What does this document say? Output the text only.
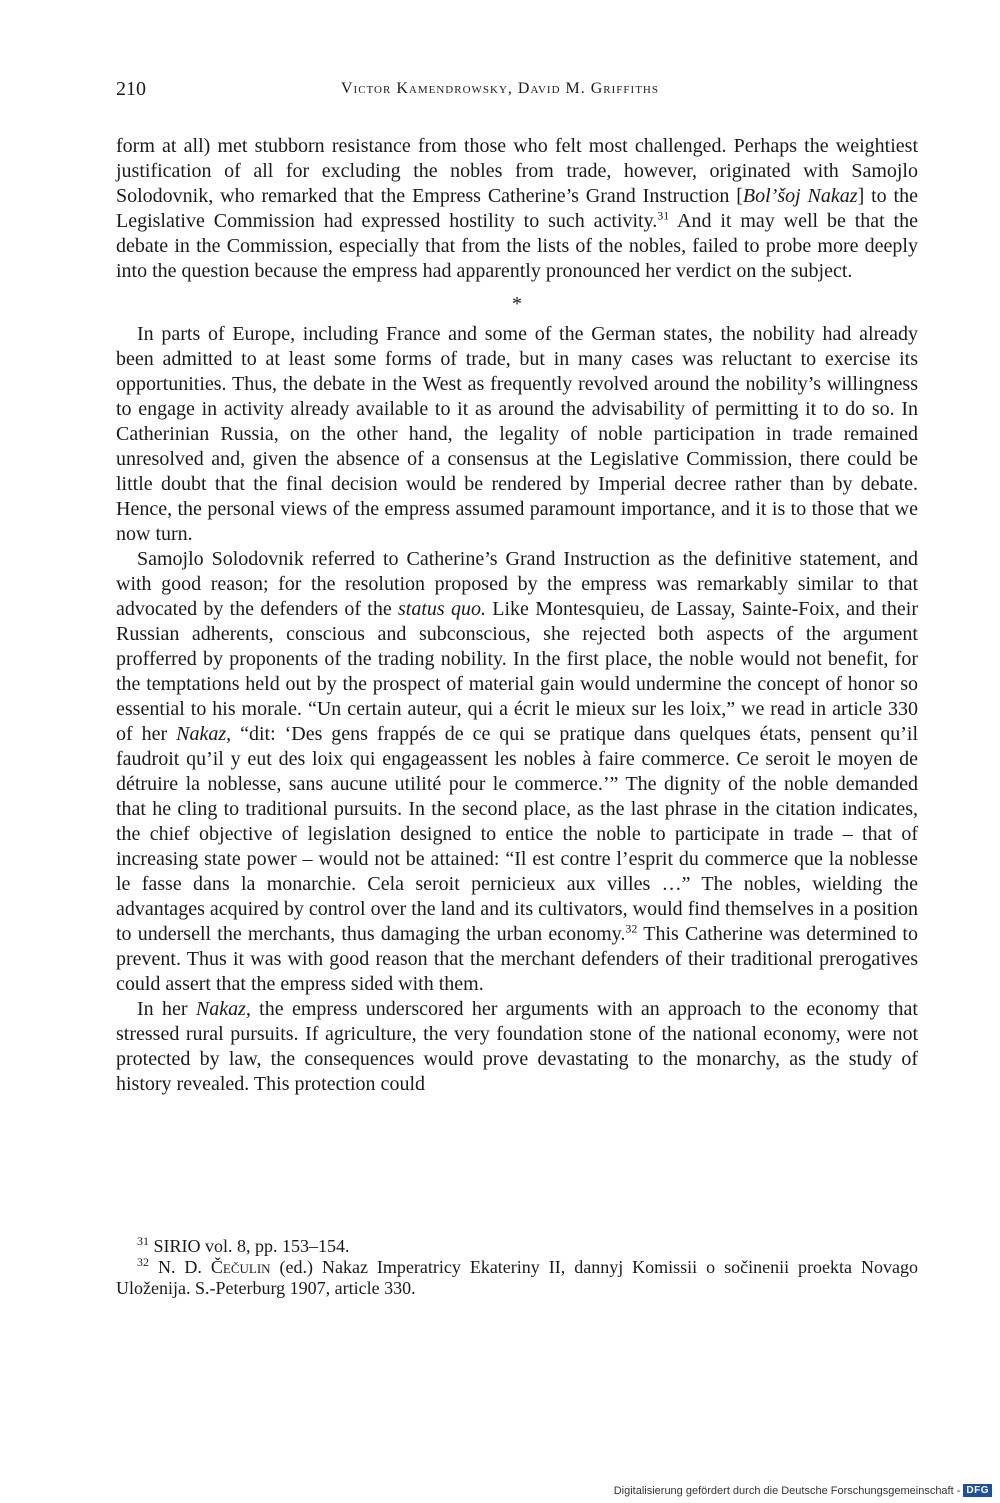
210	Victor Kamendrowsky, David M. Griffiths

form at all) met stubborn resistance from those who felt most challenged. Perhaps the weightiest justification of all for excluding the nobles from trade, however, originated with Samojlo Solodovnik, who remarked that the Empress Catherine’s Grand Instruction [Bol’šoj Nakaz] to the Legislative Commission had expressed hostility to such activity.$^{31}$ And it may well be that the debate in the Commission, especially that from the lists of the nobles, failed to probe more deeply into the question because the empress had apparently pronounced her verdict on the subject.

*

In parts of Europe, including France and some of the German states, the nobility had already been admitted to at least some forms of trade, but in many cases was reluctant to exercise its opportunities. Thus, the debate in the West as frequently revolved around the nobility’s willingness to engage in activity already available to it as around the advisability of permitting it to do so. In Catherinian Russia, on the other hand, the legality of noble participation in trade remained unresolved and, given the absence of a consensus at the Legislative Commission, there could be little doubt that the final decision would be rendered by Imperial decree rather than by debate. Hence, the personal views of the empress assumed paramount importance, and it is to those that we now turn.

Samojlo Solodovnik referred to Catherine’s Grand Instruction as the definitive statement, and with good reason; for the resolution proposed by the empress was remarkably similar to that advocated by the defenders of the status quo. Like Montesquieu, de Lassay, Sainte-Foix, and their Russian adherents, conscious and subconscious, she rejected both aspects of the argument profferred by proponents of the trading nobility. In the first place, the noble would not benefit, for the temptations held out by the prospect of material gain would undermine the concept of honor so essential to his morale. “Un certain auteur, qui a écrit le mieux sur les loix,” we read in article 330 of her Nakaz, “dit: ‘Des gens frappés de ce qui se pratique dans quelques états, pensent qu’il faudroit qu’il y eut des loix qui engageassent les nobles à faire commerce. Ce seroit le moyen de détruire la noblesse, sans aucune utilité pour le commerce.’” The dignity of the noble demanded that he cling to traditional pursuits. In the second place, as the last phrase in the citation indicates, the chief objective of legislation designed to entice the noble to participate in trade – that of increasing state power – would not be attained: “Il est contre l’esprit du commerce que la noblesse le fasse dans la monarchie. Cela seroit pernicieux aux villes …” The nobles, wielding the advantages acquired by control over the land and its cultivators, would find themselves in a position to undersell the merchants, thus damaging the urban economy.$^{32}$ This Catherine was determined to prevent. Thus it was with good reason that the merchant defenders of their traditional prerogatives could assert that the empress sided with them.

In her Nakaz, the empress underscored her arguments with an approach to the economy that stressed rural pursuits. If agriculture, the very foundation stone of the national economy, were not protected by law, the consequences would prove devastating to the monarchy, as the study of history revealed. This protection could

$^{31}$ SIRIO vol. 8, pp. 153–154.

$^{32}$ N. D. Čečulin (ed.) Nakaz Imperatricy Ekateriny II, dannyj Komissii o sočinenii proekta Novago Uloženija. S.-Peterburg 1907, article 330.

Digitalisierung gefördert durch die Deutsche Forschungsgemeinschaft - DFG
